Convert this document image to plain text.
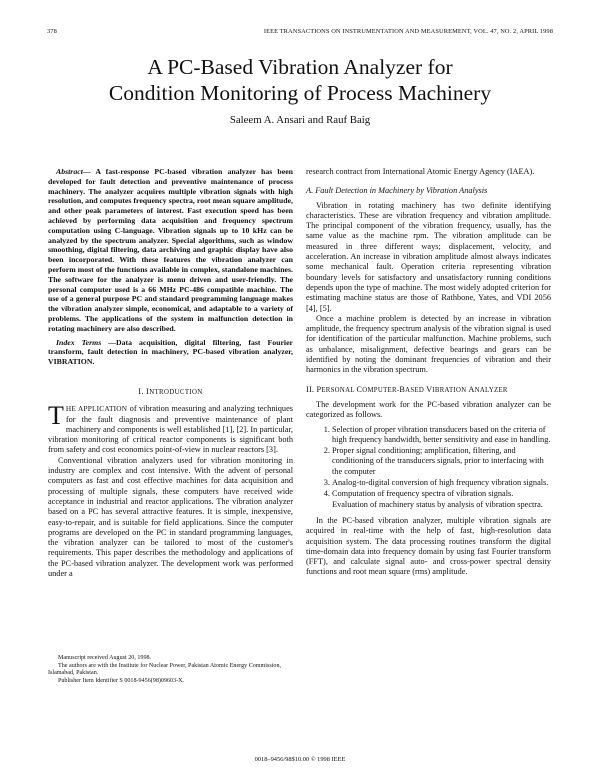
378	IEEE TRANSACTIONS ON INSTRUMENTATION AND MEASUREMENT, VOL. 47, NO. 2, APRIL 1998
A PC-Based Vibration Analyzer for
Condition Monitoring of Process Machinery
Saleem A. Ansari and Rauf Baig

Abstract— A fast-response PC-based vibration analyzer has been developed for fault detection and preventive maintenance of process machinery. The analyzer acquires multiple vibration signals with high resolution, and computes frequency spectra, root mean square amplitude, and other peak parameters of interest. Fast execution speed has been achieved by performing data acquisition and frequency spectrum computation using C-language. Vibration signals up to 10 kHz can be analyzed by the spectrum analyzer. Special algorithms, such as window smoothing, digital filtering, data archiving and graphic display have also been incorporated. With these features the vibration analyzer can perform most of the functions available in complex, standalone machines. The software for the analyzer is menu driven and user-friendly. The personal computer used is a 66 MHz PC-486 compatible machine. The use of a general purpose PC and standard programming language makes the vibration analyzer simple, economical, and adaptable to a variety of problems. The applications of the system in malfunction detection in rotating machinery are also described.

Index Terms —Data acquisition, digital filtering, fast Fourier transform, fault detection in machinery, PC-based vibration analyzer, VIBRATION.

I. INTRODUCTION

THE APPLICATION of vibration measuring and analyzing techniques for the fault diagnosis and preventive maintenance of plant machinery and components is well established [1], [2]. In particular, vibration monitoring of critical reactor components is significant both from safety and cost economics point-of-view in nuclear reactors [3].

Conventional vibration analyzers used for vibration monitoring in industry are complex and cost intensive. With the advent of personal computers as fast and cost effective machines for data acquisition and processing of multiple signals, these computers have received wide acceptance in industrial and reactor applications. The vibration analyzer based on a PC has several attractive features. It is simple, inexpensive, easy-to-repair, and is suitable for field applications. Since the computer programs are developed on the PC in standard programming languages, the vibration analyzer can be tailored to most of the customer's requirements. This paper describes the methodology and applications of the PC-based vibration analyzer. The development work was performed under a

Manuscript received August 20, 1998.

The authors are with the Institute for Nuclear Power, Pakistan Atomic Energy Commission, Islamabad, Pakistan.

Publisher Item Identifier S 0018-9456(98)09603-X.

research contract from International Atomic Energy Agency (IAEA).

A. Fault Detection in Machinery by Vibration Analysis

Vibration in rotating machinery has two definite identifying characteristics. These are vibration frequency and vibration amplitude. The principal component of the vibration frequency, usually, has the same value as the machine rpm. The vibration amplitude can be measured in three different ways; displacement, velocity, and acceleration. An increase in vibration amplitude almost always indicates some mechanical fault. Operation criteria representing vibration boundary levels for satisfactory and unsatisfactory running conditions depends upon the type of machine. The most widely adopted criterion for estimating machine status are those of Rathbone, Yates, and VDI 2056 [4], [5].

Once a machine problem is detected by an increase in vibration amplitude, the frequency spectrum analysis of the vibration signal is used for identification of the particular malfunction. Machine problems, such as unbalance, misalignment, defective bearings and gears can be identified by noting the dominant frequencies of vibration and their harmonics in the vibration spectrum.

II. PERSONAL COMPUTER-BASED VIBRATION ANALYZER

The development work for the PC-based vibration analyzer can be categorized as follows.

1. Selection of proper vibration transducers based on the criteria of high frequency bandwidth, better sensitivity and ease in handling.
2. Proper signal conditioning; amplification, filtering, and conditioning of the transducers signals, prior to interfacing with the computer
3. Analog-to-digital conversion of high frequency vibration signals.
4. Computation of frequency spectra of vibration signals. Evaluation of machinery status by analysis of vibration spectra.

In the PC-based vibration analyzer, multiple vibration signals are acquired in real-time with the help of fast, high-resolution data acquisition system. The data processing routines transform the digital time-domain data into frequency domain by using fast Fourier transform (FFT), and calculate signal auto- and cross-power spectral density functions and root mean square (rms) amplitude.

0018–9456/98$10.00 © 1998 IEEE
